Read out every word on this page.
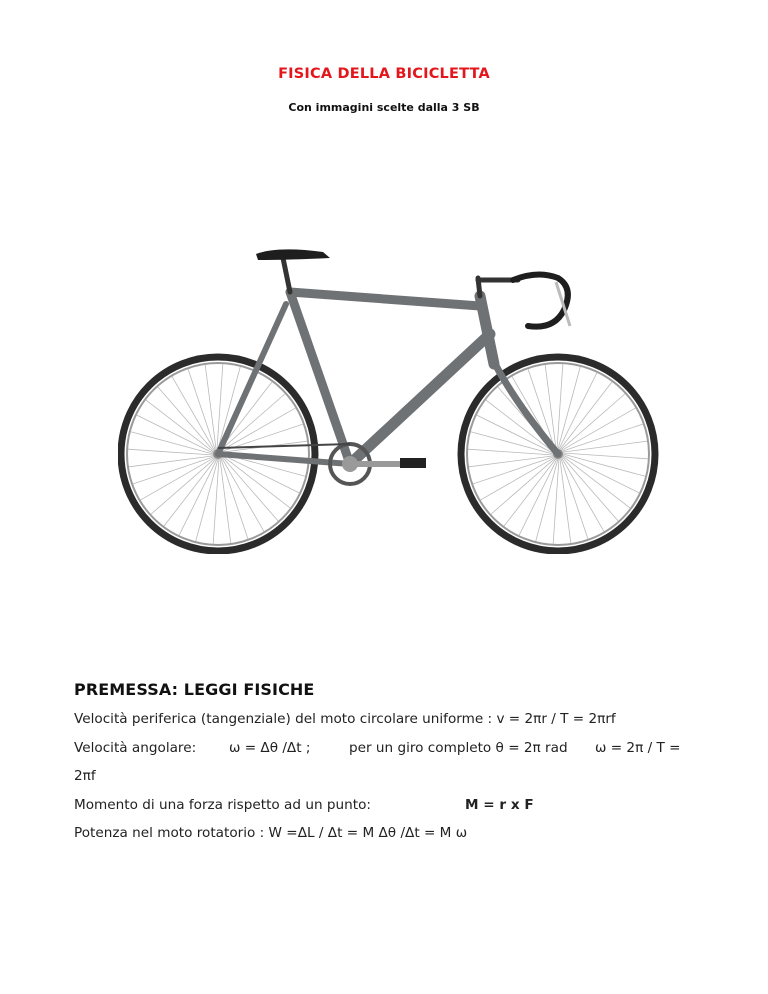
FISICA DELLA BICICLETTA
Con immagini scelte dalla 3 SB
PREMESSA: LEGGI FISICHE
Velocità periferica (tangenziale) del moto circolare uniforme : v = 2πr / T = 2πrf
Velocità angolare: ω = Δθ /Δt ;	per un giro completo θ = 2π rad ω = 2π / T =
2πf
Momento di una forza rispetto ad un punto:	M = r x F
Potenza nel moto rotatorio : W =ΔL / Δt = M Δθ /Δt = M ω
